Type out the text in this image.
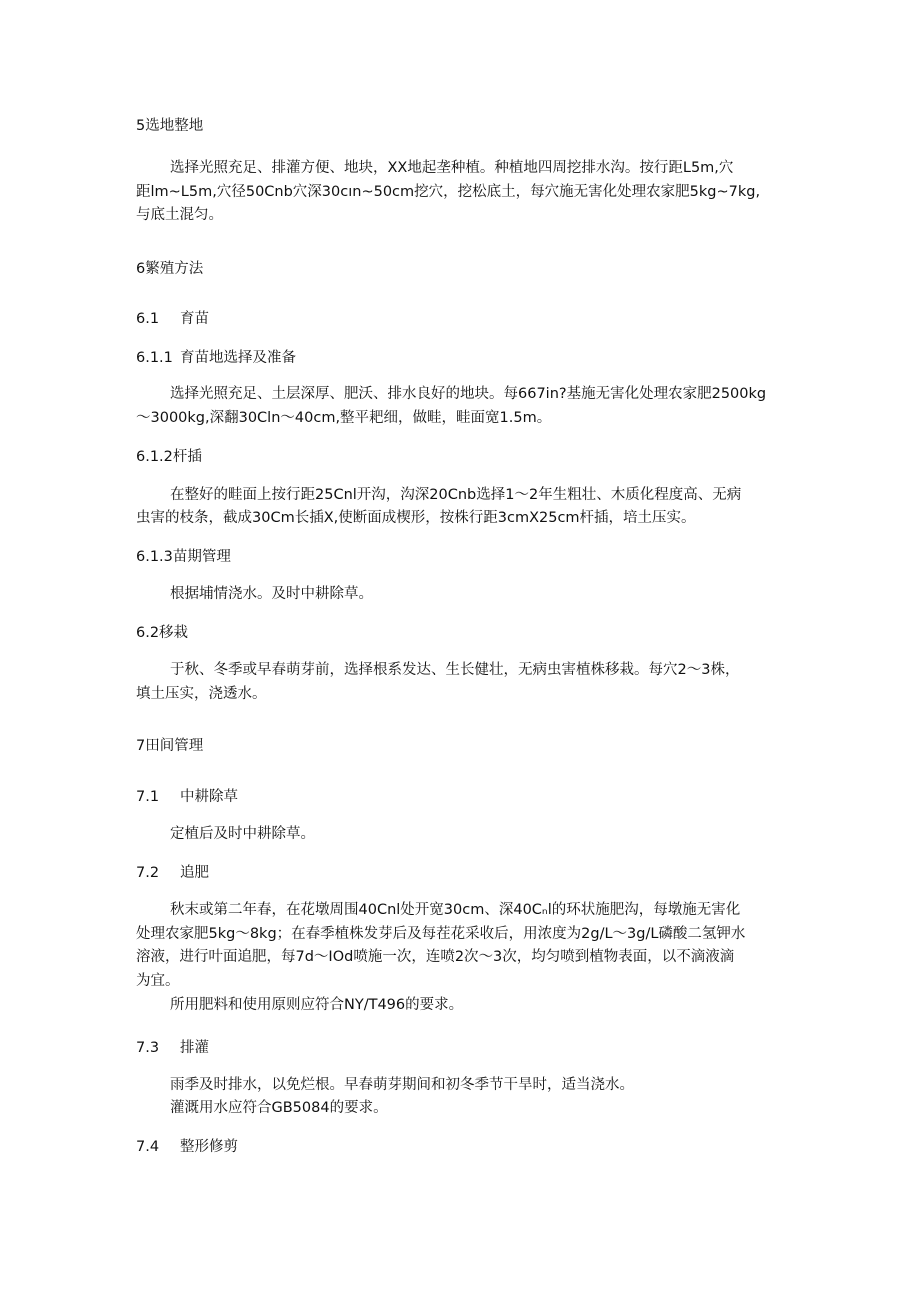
5选地整地
选择光照充足、排灌方便、地块，XX地起垄种植。种植地四周挖排水沟。按行距L5m,穴
距lm~L5m,穴径50Cnb穴深30cın~50cm挖穴，挖松底土，每穴施无害化处理农家肥5kg~7kg,
与底土混匀。
6繁殖方法
6.1 育苗
6.1.1 育苗地选择及准备
选择光照充足、土层深厚、肥沃、排水良好的地块。每667in?基施无害化处理农家肥2500kg
～3000kg,深翻30Cln～40cm,整平耙细，做畦，畦面宽1.5m。
6.1.2杆插
在整好的畦面上按行距25Cnl开沟，沟深20Cnb选择1～2年生粗壮、木质化程度高、无病
虫害的枝条，截成30Cm长插X,使断面成楔形，按株行距3cmX25cm杆插，培土压实。
6.1.3苗期管理
根据埔情浇水。及时中耕除草。
6.2移栽
于秋、冬季或早春萌芽前，选择根系发达、生长健壮，无病虫害植株移栽。每穴2～3株，
填土压实，浇透水。
7田间管理
7.1 中耕除草
定植后及时中耕除草。
7.2 追肥
秋末或第二年春，在花墩周围40Cnl处开宽30cm、深40Cₙl的环状施肥沟，每墩施无害化
处理农家肥5kg～8kg；在春季植株发芽后及每茬花采收后，用浓度为2g∕L～3g∕L磷酸二氢钾水
溶液，进行叶面追肥，每7d～IOd喷施一次，连喷2次～3次，均匀喷到植物表面，以不滴液滴
为宜。
所用肥料和使用原则应符合NY/T496的要求。
7.3 排灌
雨季及时排水，以免烂根。早春萌芽期间和初冬季节干旱时，适当浇水。
灌溉用水应符合GB5084的要求。
7.4 整形修剪
